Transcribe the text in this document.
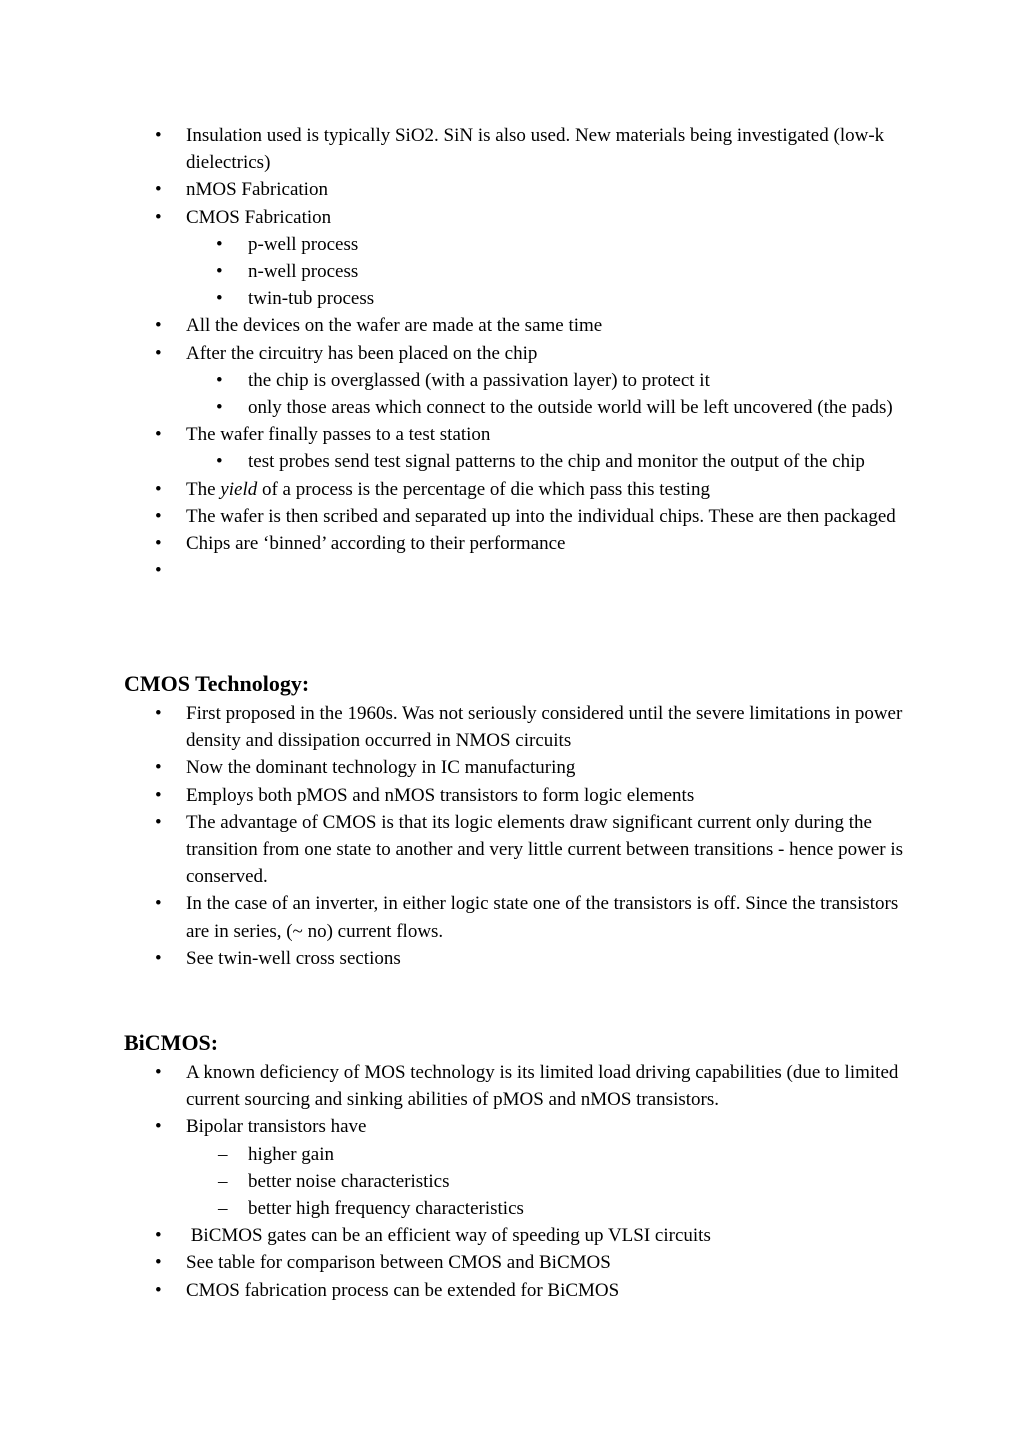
• Insulation used is typically SiO2. SiN is also used. New materials being investigated (low-k dielectrics)
• nMOS Fabrication
• CMOS Fabrication
• p-well process
• n-well process
• twin-tub process
• All the devices on the wafer are made at the same time
• After the circuitry has been placed on the chip
• the chip is overglassed (with a passivation layer) to protect it
• only those areas which connect to the outside world will be left uncovered (the pads)
• The wafer finally passes to a test station
• test probes send test signal patterns to the chip and monitor the output of the chip
• The yield of a process is the percentage of die which pass this testing
• The wafer is then scribed and separated up into the individual chips. These are then packaged
• Chips are ‘binned’ according to their performance
•

CMOS Technology:
• First proposed in the 1960s. Was not seriously considered until the severe limitations in power density and dissipation occurred in NMOS circuits
• Now the dominant technology in IC manufacturing
• Employs both pMOS and nMOS transistors to form logic elements
• The advantage of CMOS is that its logic elements draw significant current only during the transition from one state to another and very little current between transitions - hence power is conserved.
• In the case of an inverter, in either logic state one of the transistors is off. Since the transistors are in series, (~ no) current flows.
• See twin-well cross sections
BiCMOS:
• A known deficiency of MOS technology is its limited load driving capabilities (due to limited current sourcing and sinking abilities of pMOS and nMOS transistors.
• Bipolar transistors have
– higher gain
– better noise characteristics
– better high frequency characteristics
• BiCMOS gates can be an efficient way of speeding up VLSI circuits
• See table for comparison between CMOS and BiCMOS
• CMOS fabrication process can be extended for BiCMOS
